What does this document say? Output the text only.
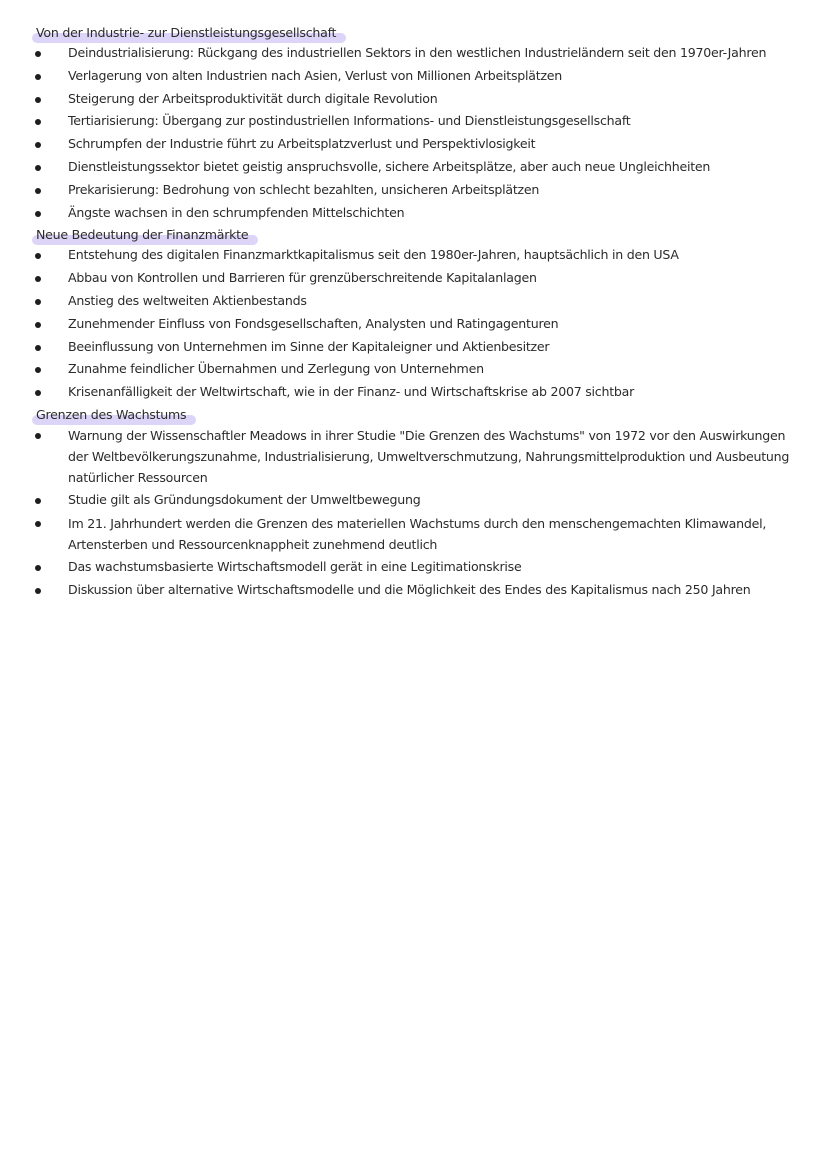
Von der Industrie- zur Dienstleistungsgesellschaft
Deindustrialisierung: Rückgang des industriellen Sektors in den westlichen Industrieländern seit den 1970er-Jahren
Verlagerung von alten Industrien nach Asien, Verlust von Millionen Arbeitsplätzen
Steigerung der Arbeitsproduktivität durch digitale Revolution
Tertiarisierung: Übergang zur postindustriellen Informations- und Dienstleistungsgesellschaft
Schrumpfen der Industrie führt zu Arbeitsplatzverlust und Perspektivlosigkeit
Dienstleistungssektor bietet geistig anspruchsvolle, sichere Arbeitsplätze, aber auch neue Ungleichheiten
Prekarisierung: Bedrohung von schlecht bezahlten, unsicheren Arbeitsplätzen
Ängste wachsen in den schrumpfenden Mittelschichten
Neue Bedeutung der Finanzmärkte
Entstehung des digitalen Finanzmarktkapitalismus seit den 1980er-Jahren, hauptsächlich in den USA
Abbau von Kontrollen und Barrieren für grenzüberschreitende Kapitalanlagen
Anstieg des weltweiten Aktienbestands
Zunehmender Einfluss von Fondsgesellschaften, Analysten und Ratingagenturen
Beeinflussung von Unternehmen im Sinne der Kapitaleigner und Aktienbesitzer
Zunahme feindlicher Übernahmen und Zerlegung von Unternehmen
Krisenanfälligkeit der Weltwirtschaft, wie in der Finanz- und Wirtschaftskrise ab 2007 sichtbar
Grenzen des Wachstums
Warnung der Wissenschaftler Meadows in ihrer Studie "Die Grenzen des Wachstums" von 1972 vor den Auswirkungen der Weltbevölkerungszunahme, Industrialisierung, Umweltverschmutzung, Nahrungsmittelproduktion und Ausbeutung natürlicher Ressourcen
Studie gilt als Gründungsdokument der Umweltbewegung
Im 21. Jahrhundert werden die Grenzen des materiellen Wachstums durch den menschengemachten Klimawandel, Artensterben und Ressourcenknappheit zunehmend deutlich
Das wachstumsbasierte Wirtschaftsmodell gerät in eine Legitimationskrise
Diskussion über alternative Wirtschaftsmodelle und die Möglichkeit des Endes des Kapitalismus nach 250 Jahren
